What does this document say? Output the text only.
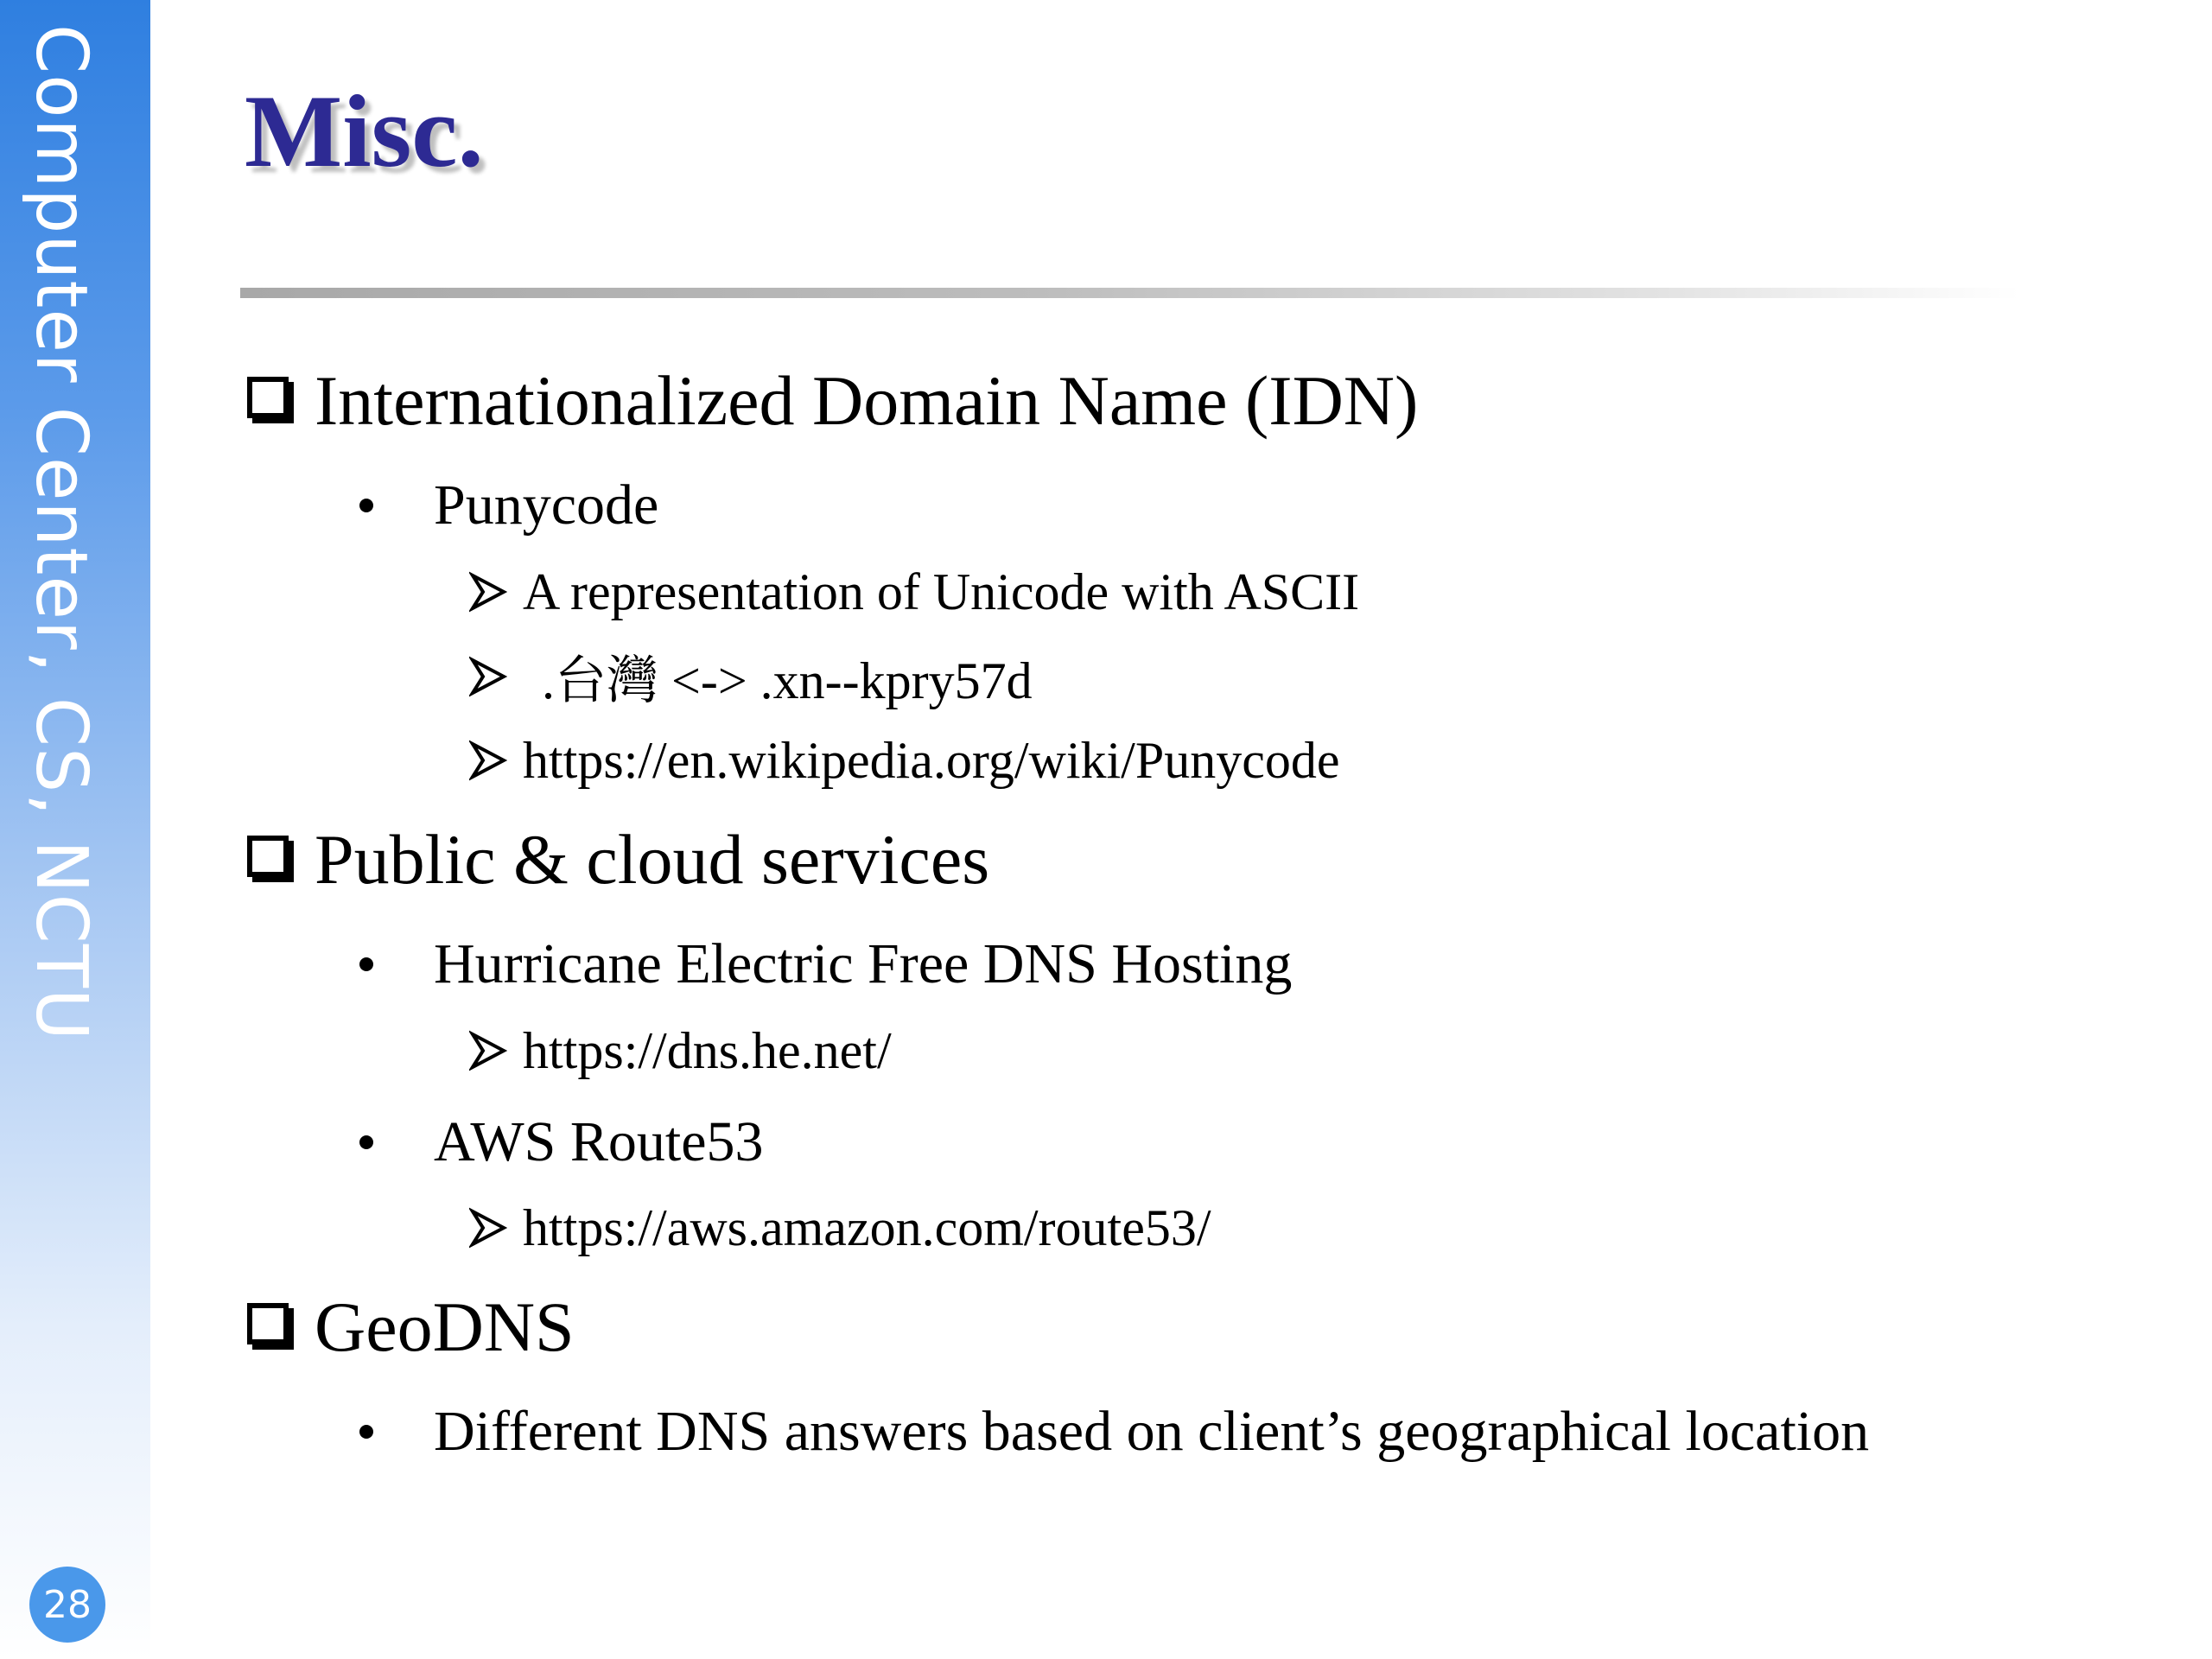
Computer Center, CS, NCTU
28
Misc.
Internationalized Domain Name (IDN)
Punycode
A representation of Unicode with ASCII
.台灣 <-> .xn--kpry57d
https://en.wikipedia.org/wiki/Punycode
Public & cloud services
Hurricane Electric Free DNS Hosting
https://dns.he.net/
AWS Route53
https://aws.amazon.com/route53/
GeoDNS
Different DNS answers based on client’s geographical location
